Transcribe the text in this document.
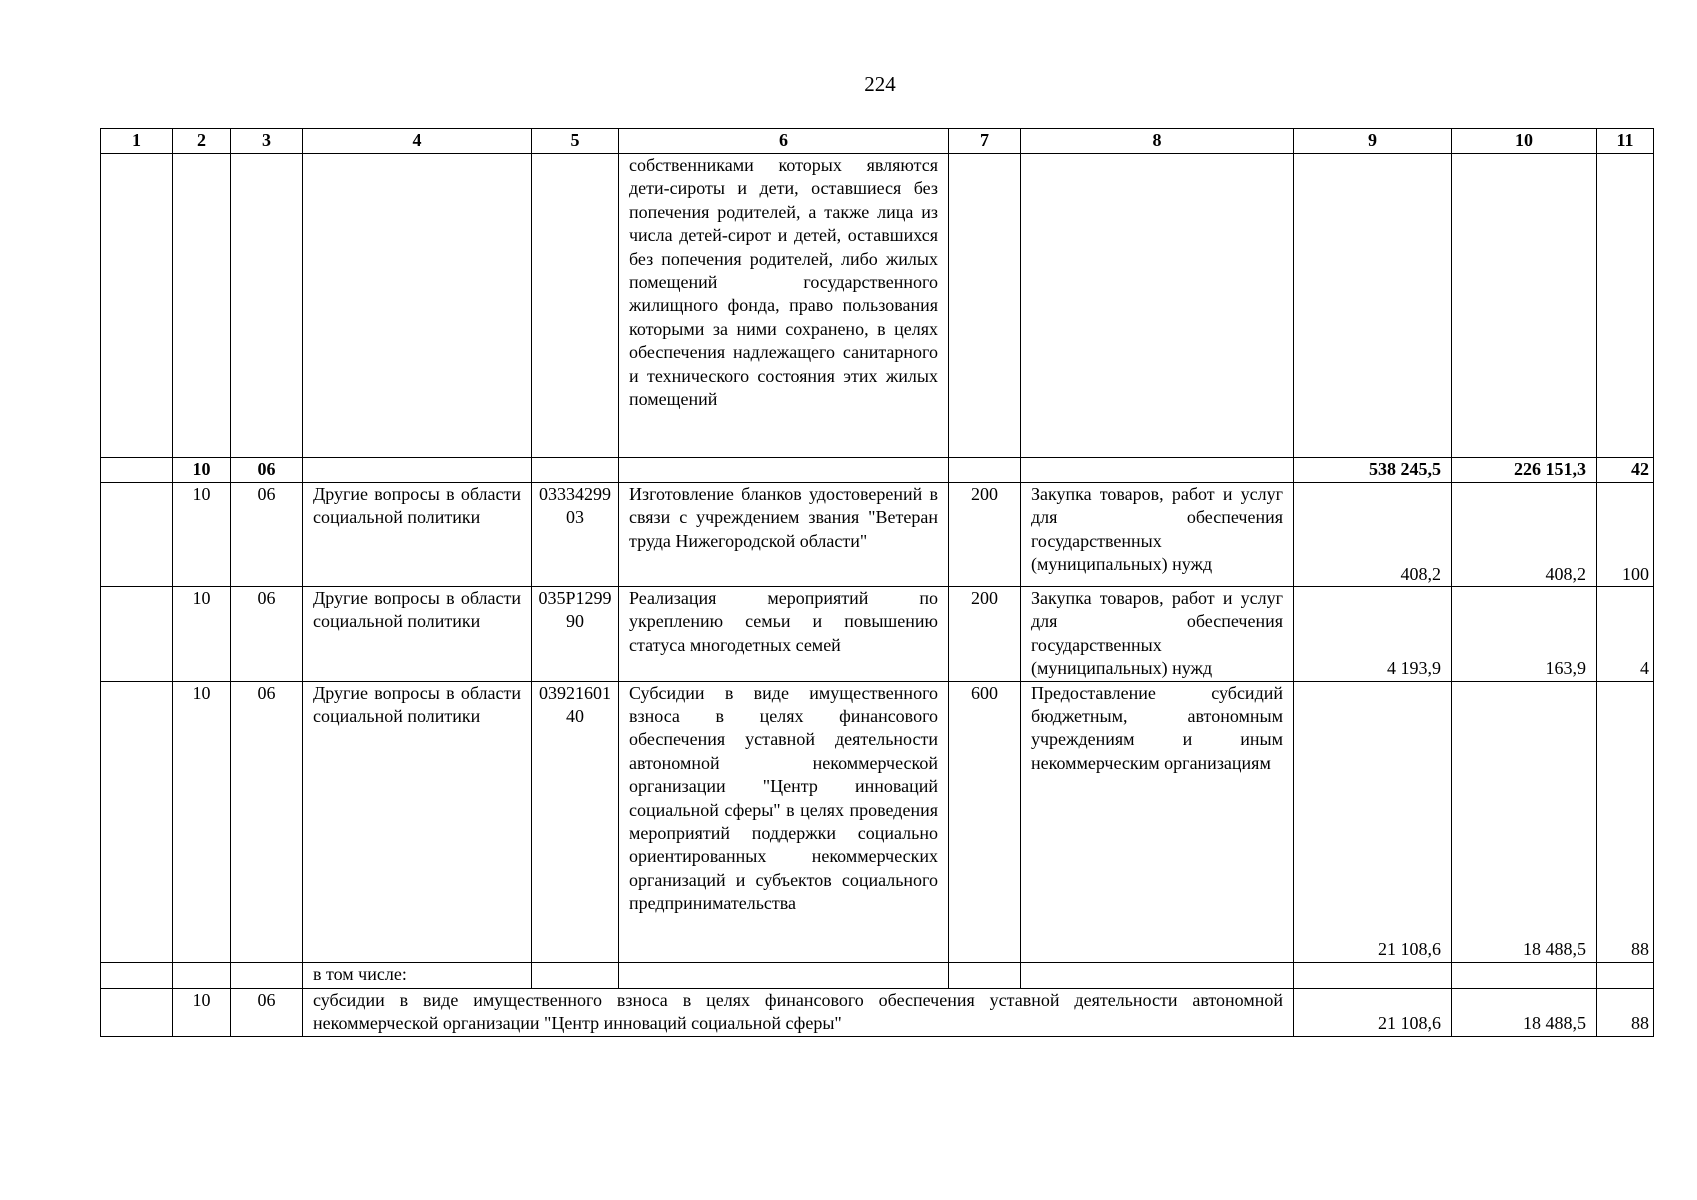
224
1	2	3	4	5	6	7	8	9	10	11
					собственниками которых являются дети-сироты и дети, оставшиеся без попечения родителей, а также лица из числа детей-сирот и детей, оставшихся без попечения родителей, либо жилых помещений государственного жилищного фонда, право пользования которыми за ними сохранено, в целях обеспечения надлежащего санитарного и технического состояния этих жилых помещений					
	10	06						538 245,5	226 151,3	42
	10	06	Другие вопросы в области социальной политики	0333429903	Изготовление бланков удостоверений в связи с учреждением звания "Ветеран труда Нижегородской области"	200	Закупка товаров, работ и услуг для обеспечения государственных (муниципальных) нужд	408,2	408,2	100
	10	06	Другие вопросы в области социальной политики	035Р129990	Реализация мероприятий по укреплению семьи и повышению статуса многодетных семей	200	Закупка товаров, работ и услуг для обеспечения государственных (муниципальных) нужд	4 193,9	163,9	4
	10	06	Другие вопросы в области социальной политики	0392160140	Субсидии в виде имущественного взноса в целях финансового обеспечения уставной деятельности автономной некоммерческой организации "Центр инноваций социальной сферы" в целях проведения мероприятий поддержки социально ориентированных некоммерческих организаций и субъектов социального предпринимательства	600	Предоставление субсидий бюджетным, автономным учреждениям и иным некоммерческим организациям	21 108,6	18 488,5	88
			в том числе:							
	10	06	субсидии в виде имущественного взноса в целях финансового обеспечения уставной деятельности автономной некоммерческой организации "Центр инноваций социальной сферы"					21 108,6	18 488,5	88
